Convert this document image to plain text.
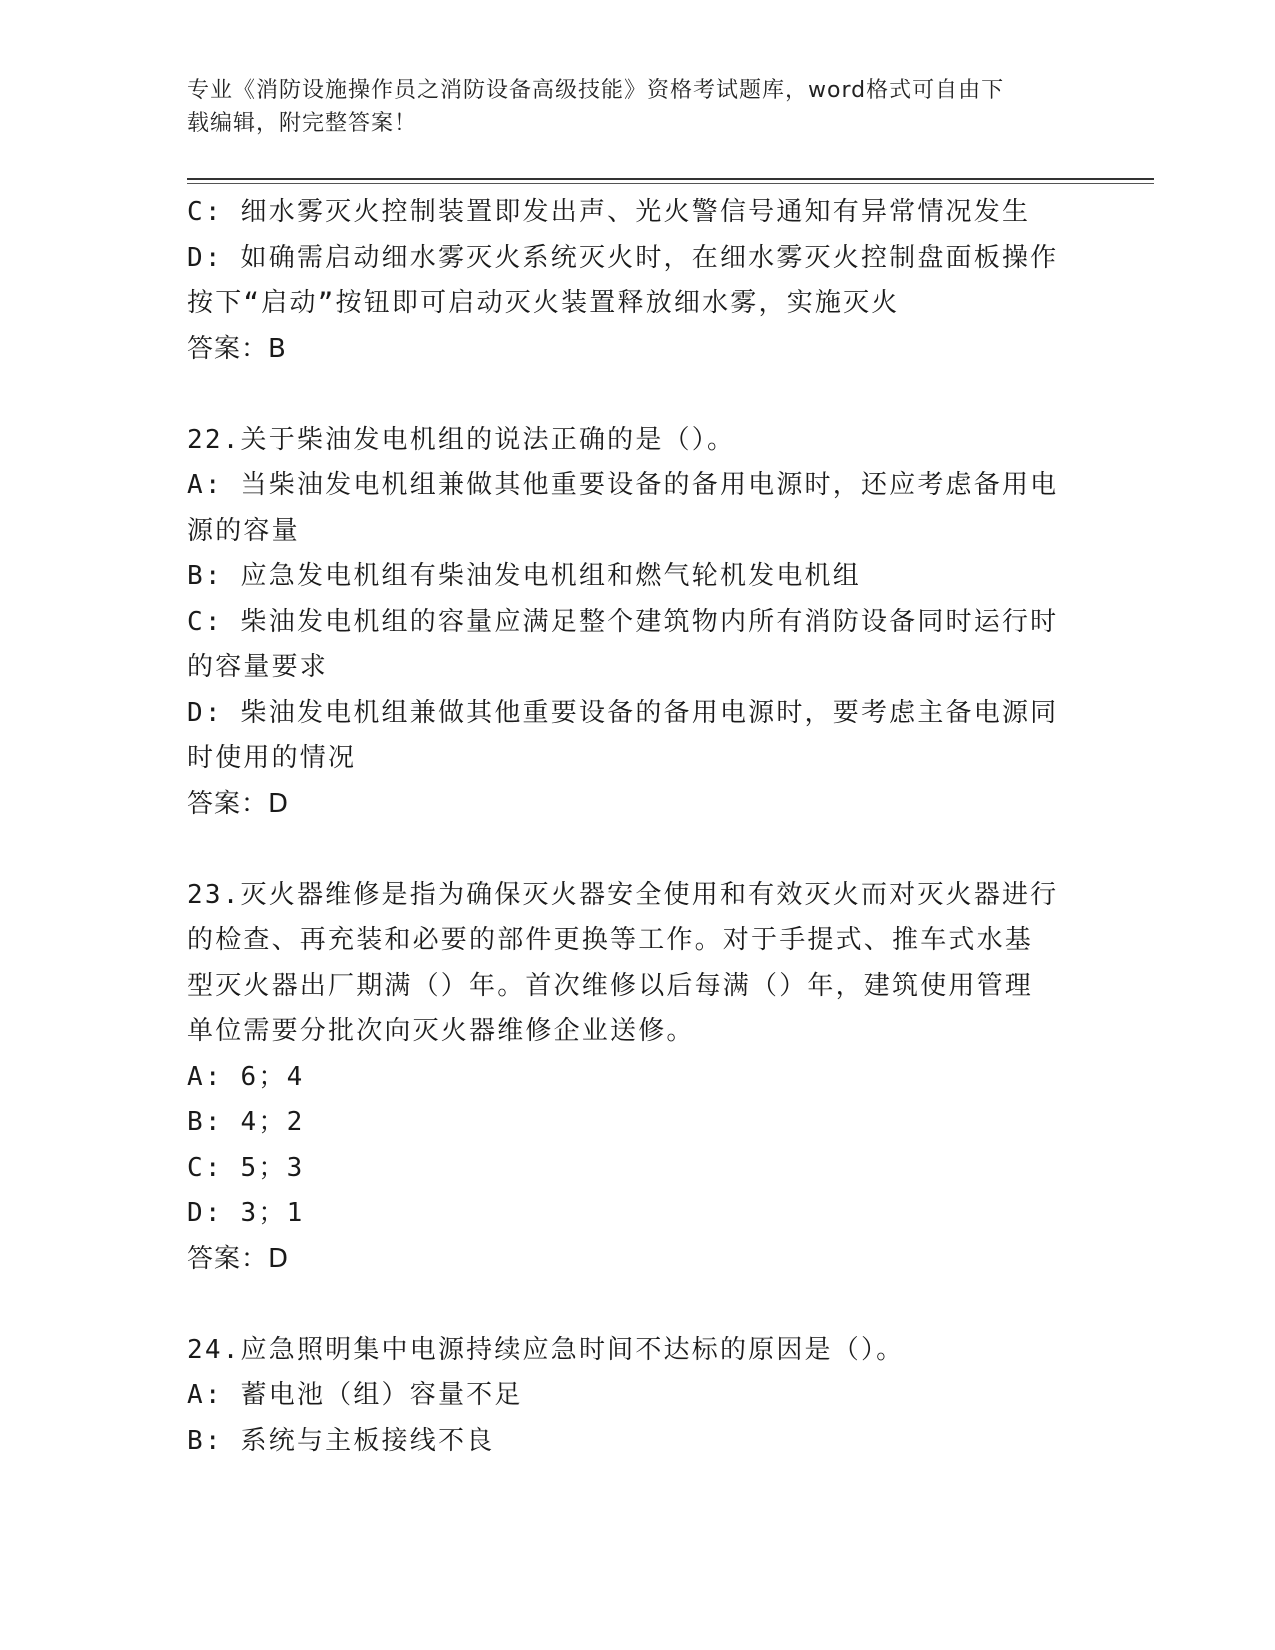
专业《消防设施操作员之消防设备高级技能》资格考试题库，word格式可自由下
载编辑，附完整答案！
C: 细水雾灭火控制装置即发出声、光火警信号通知有异常情况发生
D: 如确需启动细水雾灭火系统灭火时，在细水雾灭火控制盘面板操作
按下“启动”按钮即可启动灭火装置释放细水雾，实施灭火
答案：B
22.关于柴油发电机组的说法正确的是（）。
A: 当柴油发电机组兼做其他重要设备的备用电源时，还应考虑备用电
源的容量
B: 应急发电机组有柴油发电机组和燃气轮机发电机组
C: 柴油发电机组的容量应满足整个建筑物内所有消防设备同时运行时
的容量要求
D: 柴油发电机组兼做其他重要设备的备用电源时，要考虑主备电源同
时使用的情况
答案：D
23.灭火器维修是指为确保灭火器安全使用和有效灭火而对灭火器进行
的检查、再充装和必要的部件更换等工作。对于手提式、推车式水基
型灭火器出厂期满（）年。首次维修以后每满（）年，建筑使用管理
单位需要分批次向灭火器维修企业送修。
A: 6；4
B: 4；2
C: 5；3
D: 3；1
答案：D
24.应急照明集中电源持续应急时间不达标的原因是（）。
A: 蓄电池（组）容量不足
B: 系统与主板接线不良
